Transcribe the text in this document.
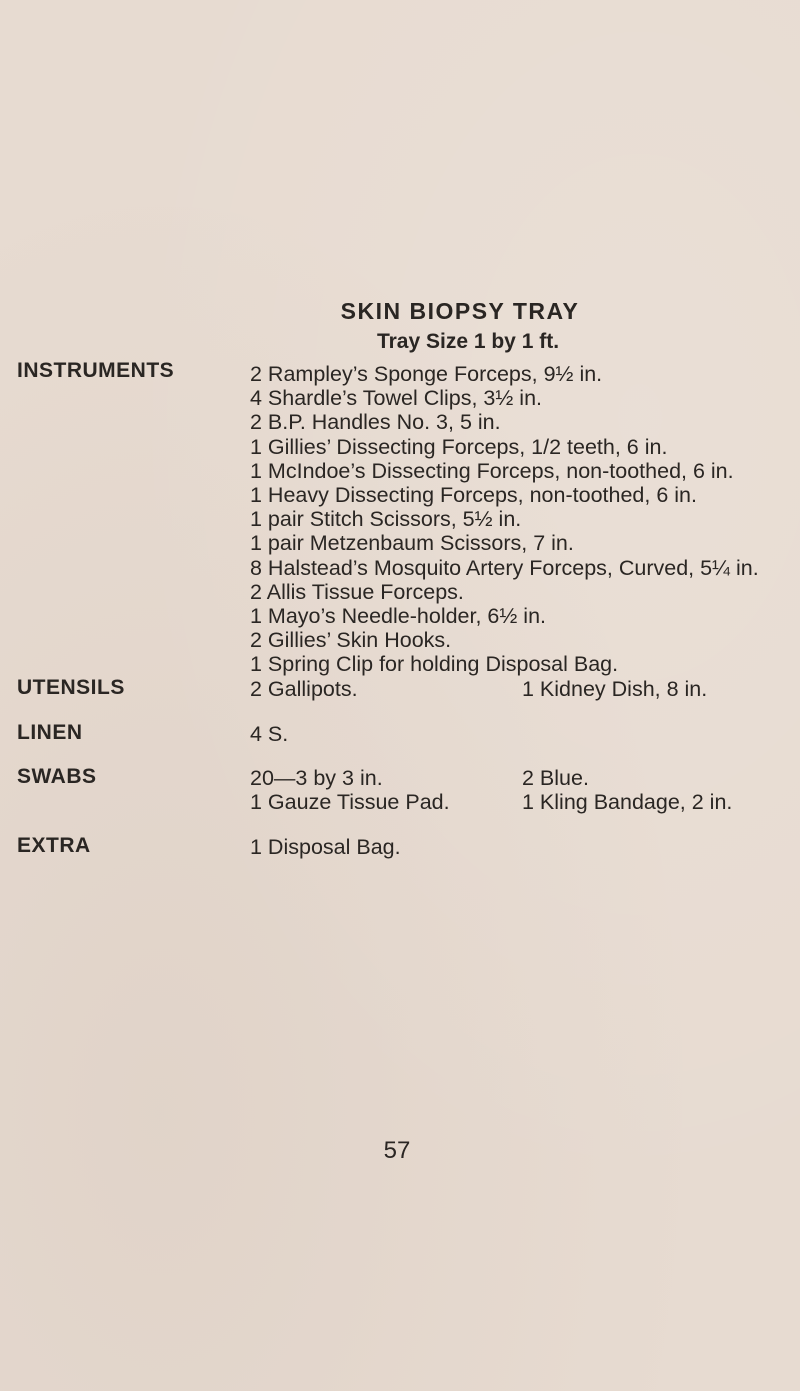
SKIN BIOPSY TRAY
Tray Size 1 by 1 ft.
INSTRUMENTS	2 Rampley’s Sponge Forceps, 9½ in.
4 Shardle’s Towel Clips, 3½ in.
2 B.P. Handles No. 3, 5 in.
1 Gillies’ Dissecting Forceps, 1/2 teeth, 6 in.
1 McIndoe’s Dissecting Forceps, non-toothed, 6 in.
1 Heavy Dissecting Forceps, non-toothed, 6 in.
1 pair Stitch Scissors, 5½ in.
1 pair Metzenbaum Scissors, 7 in.
8 Halstead’s Mosquito Artery Forceps, Curved, 5¼ in.
2 Allis Tissue Forceps.
1 Mayo’s Needle-holder, 6½ in.
2 Gillies’ Skin Hooks.
1 Spring Clip for holding Disposal Bag.
UTENSILS	2 Gallipots.	1 Kidney Dish, 8 in.
LINEN	4 S.
SWABS	20—3 by 3 in.	2 Blue.
1 Gauze Tissue Pad.	1 Kling Bandage, 2 in.
EXTRA	1 Disposal Bag.
57
